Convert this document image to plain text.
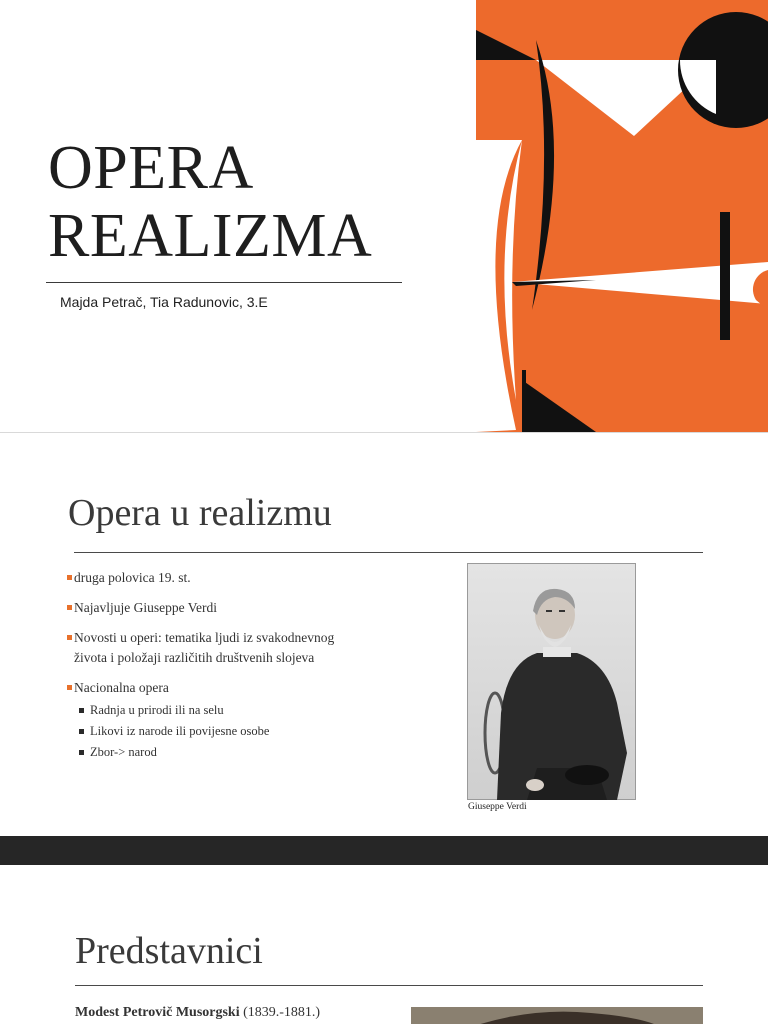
OPERA
REALIZMA
Majda Petrač, Tia Radunovic, 3.E
Opera u realizmu
druga polovica 19. st.
Najavljuje Giuseppe Verdi
Novosti u operi: tematika ljudi iz svakodnevnog života i položaji različitih društvenih slojeva
Nacionalna opera
Radnja u prirodi ili na selu
Likovi iz narode ili povijesne osobe
Zbor-> narod
Giuseppe Verdi
Predstavnici
Modest Petrovič Musorgski (1839.-1881.)
